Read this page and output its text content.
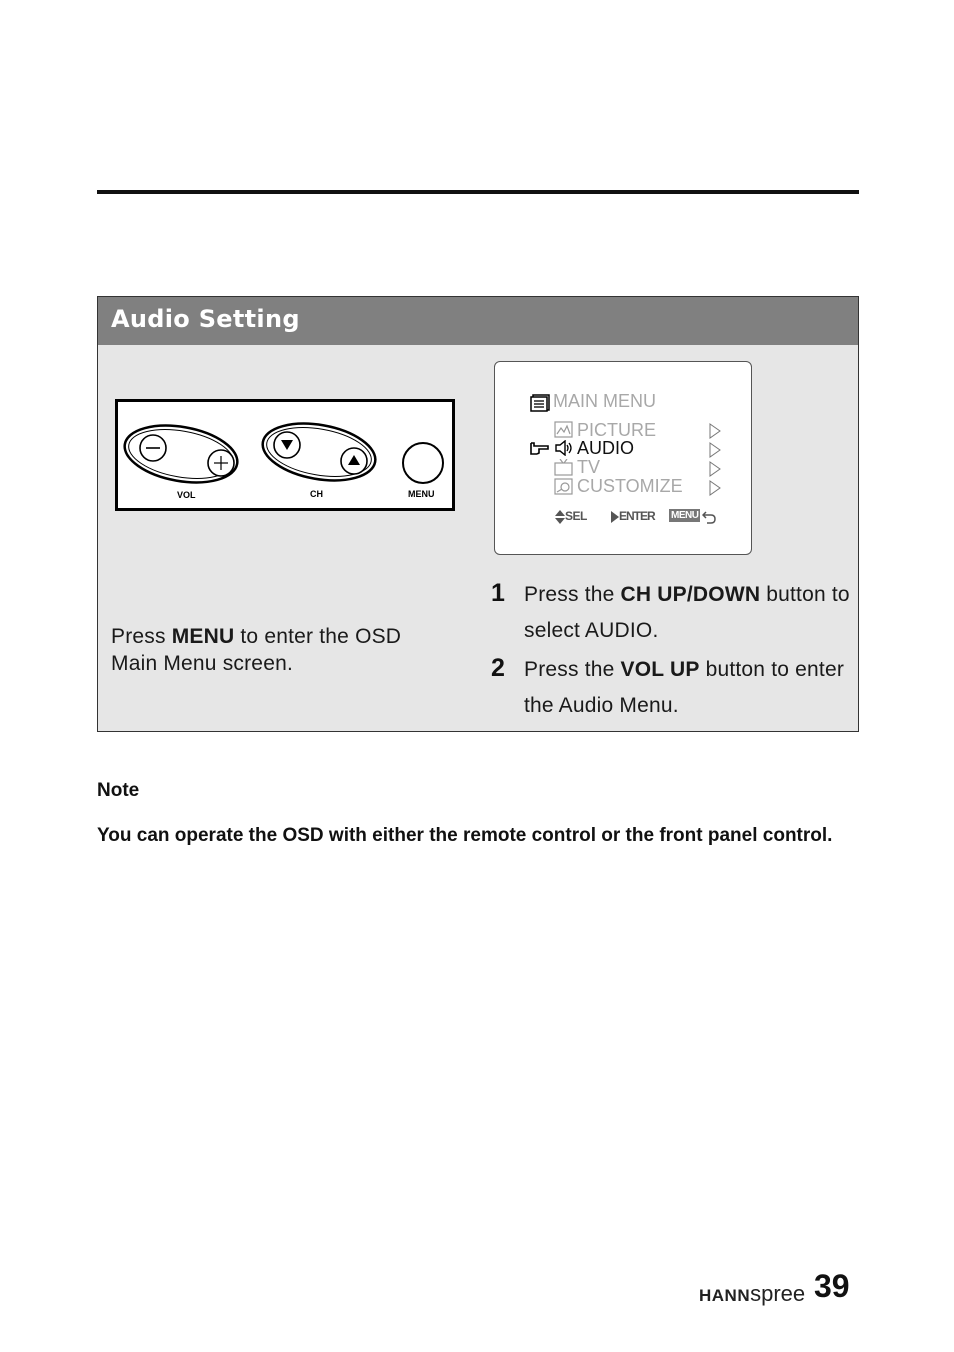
Audio Setting
VOL	CH	MENU
MAIN MENU
PICTURE
AUDIO
TV
CUSTOMIZE
SEL	ENTER MENU
Press MENU to enter the OSD Main Menu screen.
1 Press the CH UP/DOWN button to select AUDIO.
2 Press the VOL UP button to enter the Audio Menu.
Note
You can operate the OSD with either the remote control or the front panel control.
HANNspree 39
